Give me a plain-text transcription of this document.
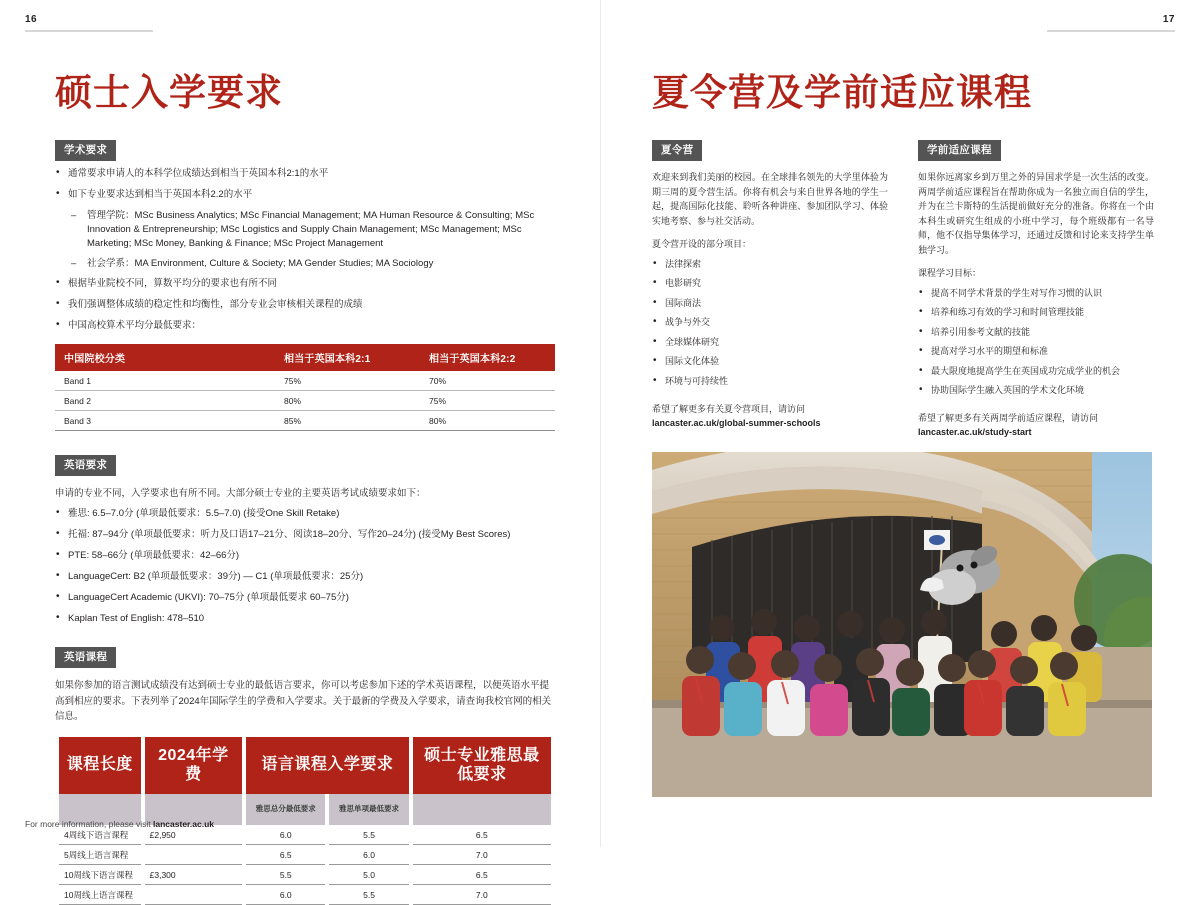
16
硕士入学要求
学术要求
• 通常要求申请人的本科学位成绩达到相当于英国本科2:1的水平
• 如下专业要求达到相当于英国本科2.2的水平
– 管理学院：MSc Business Analytics; MSc Financial Management; MA Human Resource & Consulting; MSc Innovation & Entrepreneurship; MSc Logistics and Supply Chain Management; MSc Management; MSc Marketing; MSc Money, Banking & Finance; MSc Project Management
– 社会学系：MA Environment, Culture & Society; MA Gender Studies; MA Sociology
• 根据毕业院校不同，算数平均分的要求也有所不同
• 我们强调整体成绩的稳定性和均衡性，部分专业会审核相关课程的成绩
• 中国高校算术平均分最低要求：
中国院校分类	相当于英国本科2:1	相当于英国本科2:2
Band 1	75%	70%
Band 2	80%	75%
Band 3	85%	80%
英语要求

申请的专业不同，入学要求也有所不同。大部分硕士专业的主要英语考试成绩要求如下：

• 雅思: 6.5–7.0分 (单项最低要求：5.5–7.0) (接受One Skill Retake)
• 托福: 87–94分 (单项最低要求：听力及口语17–21分、阅读18–20分、写作20–24分) (接受My Best Scores)
• PTE: 58–66分 (单项最低要求：42–66分)
• LanguageCert: B2 (单项最低要求：39分) — C1 (单项最低要求：25分)
• LanguageCert Academic (UKVI): 70–75分 (单项最低要求 60–75分)
• Kaplan Test of English: 478–510
英语课程

如果你参加的语言测试成绩没有达到硕士专业的最低语言要求，你可以考虑参加下述的学术英语课程，以便英语水平提高到相应的要求。下表列举了2024年国际学生的学费和入学要求。关于最新的学费及入学要求，请查询我校官网的相关信息。

课程长度	2024年学费	语言课程入学要求		硕士专业雅思最低要求
		雅思总分最低要求	雅思单项最低要求	
4周线下语言课程	£2,950	6.0	5.5	6.5
5周线上语言课程		6.5	6.0	7.0
10周线下语言课程	£3,300	5.5	5.0	6.5
10周线上语言课程		6.0	5.5	7.0
For more information, please visit lancaster.ac.uk
17
夏令营及学前适应课程
夏令营

欢迎来到我们美丽的校园。在全球排名领先的大学里体验为期三周的夏令营生活。你将有机会与来自世界各地的学生一起，提高国际化技能、聆听各种讲座、参加团队学习、体验实地考察、参与社交活动。

夏令营开设的部分项目：

• 法律探索
• 电影研究
• 国际商法
• 战争与外交
• 全球媒体研究
• 国际文化体验
• 环境与可持续性
希望了解更多有关夏令营项目，请访问
lancaster.ac.uk/global-summer-schools
学前适应课程

如果你远离家乡到万里之外的异国求学是一次生活的改变。两周学前适应课程旨在帮助你成为一名独立而自信的学生，并为在兰卡斯特的生活提前做好充分的准备。你将在一个由本科生或研究生组成的小班中学习，每个班级都有一名导师，他不仅指导集体学习，还通过反馈和讨论来支持学生单独学习。

课程学习目标：

• 提高不同学术背景的学生对写作习惯的认识
• 培养和练习有效的学习和时间管理技能
• 培养引用参考文献的技能
• 提高对学习水平的期望和标准
• 最大限度地提高学生在英国成功完成学业的机会
• 协助国际学生融入英国的学术文化环境
希望了解更多有关两周学前适应课程，请访问
lancaster.ac.uk/study-start
